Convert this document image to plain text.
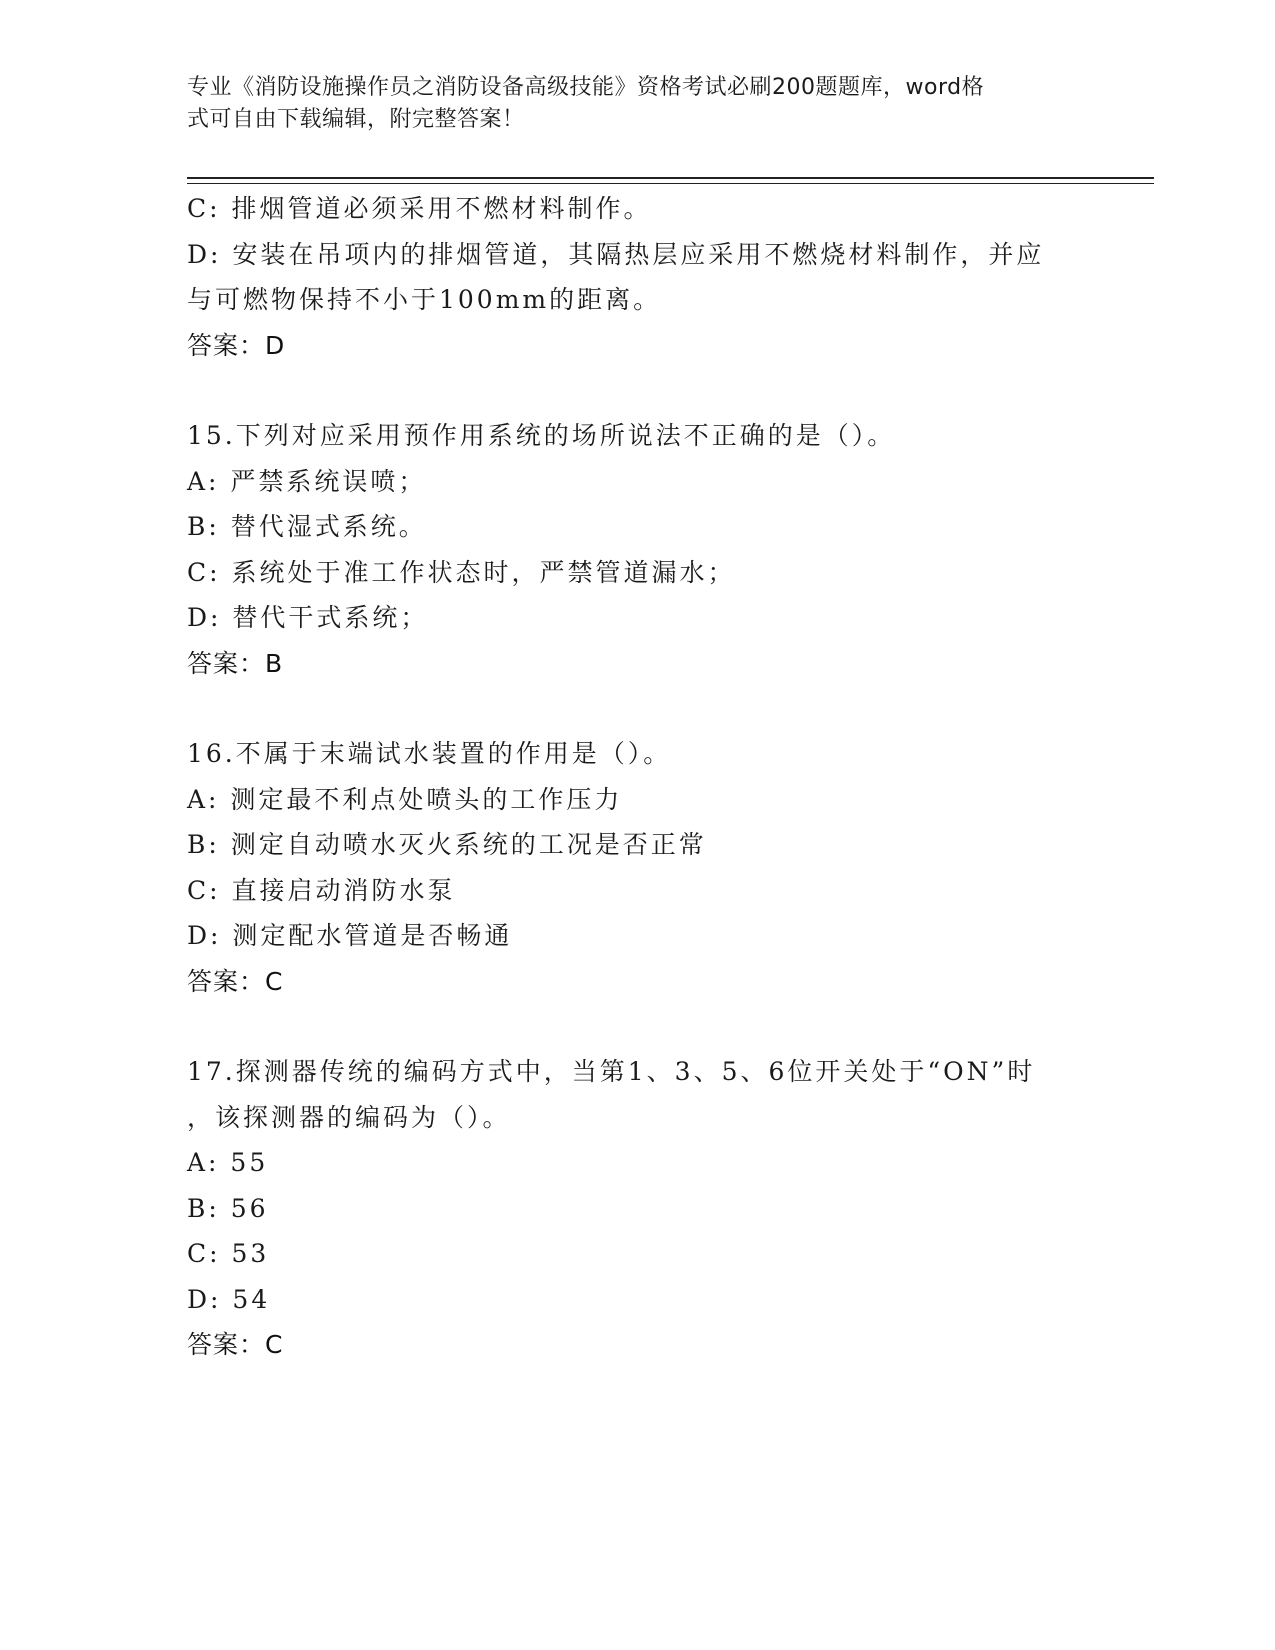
专业《消防设施操作员之消防设备高级技能》资格考试必刷200题题库，word格
式可自由下载编辑，附完整答案！
C: 排烟管道必须采用不燃材料制作。
D: 安装在吊项内的排烟管道，其隔热层应采用不燃烧材料制作，并应
与可燃物保持不小于100mm的距离。
答案：D
15.下列对应采用预作用系统的场所说法不正确的是（）。
A: 严禁系统误喷；
B: 替代湿式系统。
C: 系统处于准工作状态时，严禁管道漏水；
D: 替代干式系统；
答案：B
16.不属于末端试水装置的作用是（）。
A: 测定最不利点处喷头的工作压力
B: 测定自动喷水灭火系统的工况是否正常
C: 直接启动消防水泵
D: 测定配水管道是否畅通
答案：C
17.探测器传统的编码方式中，当第1、3、5、6位开关处于“ON”时
，该探测器的编码为（）。
A: 55
B: 56
C: 53
D: 54
答案：C
